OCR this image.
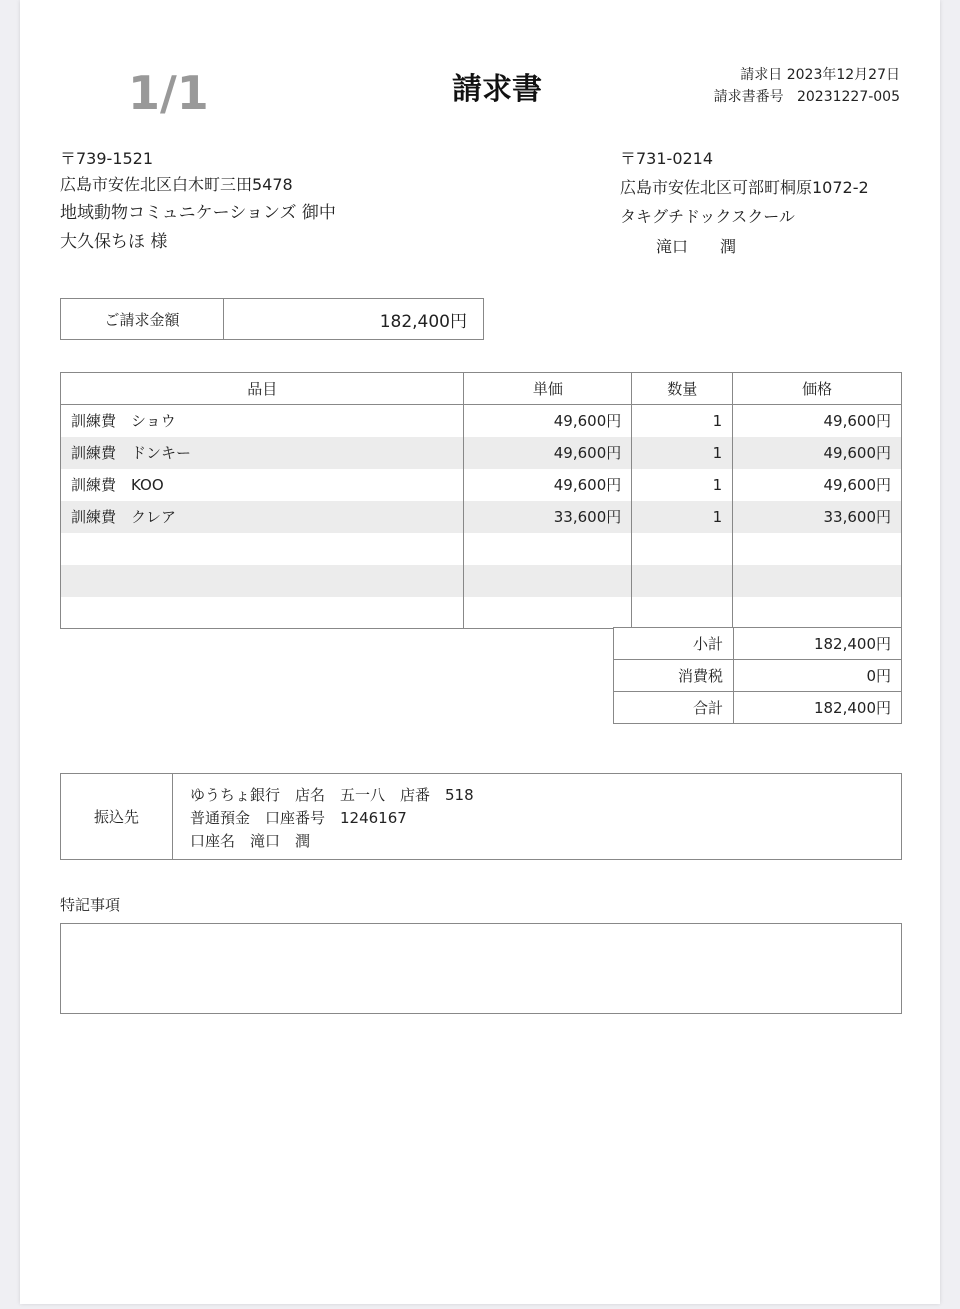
1/1	請求書	請求日 2023年12月27日
請求書番号 20231227-005
〒739-1521
広島市安佐北区白木町三田5478
地域動物コミュニケーションズ 御中
大久保ちほ 様
〒731-0214
広島市安佐北区可部町桐原1072-2
タキグチドックスクール
滝口　　潤
ご請求金額	182,400円
品目	単価	数量	価格
訓練費　ショウ	49,600円	1	49,600円
訓練費　ドンキー	49,600円	1	49,600円
訓練費　KOO	49,600円	1	49,600円
訓練費　クレア	33,600円	1	33,600円

小計	182,400円
消費税	0円
合計	182,400円
振込先
ゆうちょ銀行　店名　五一八　店番　518
普通預金　口座番号　1246167
口座名　滝口　潤
特記事項
